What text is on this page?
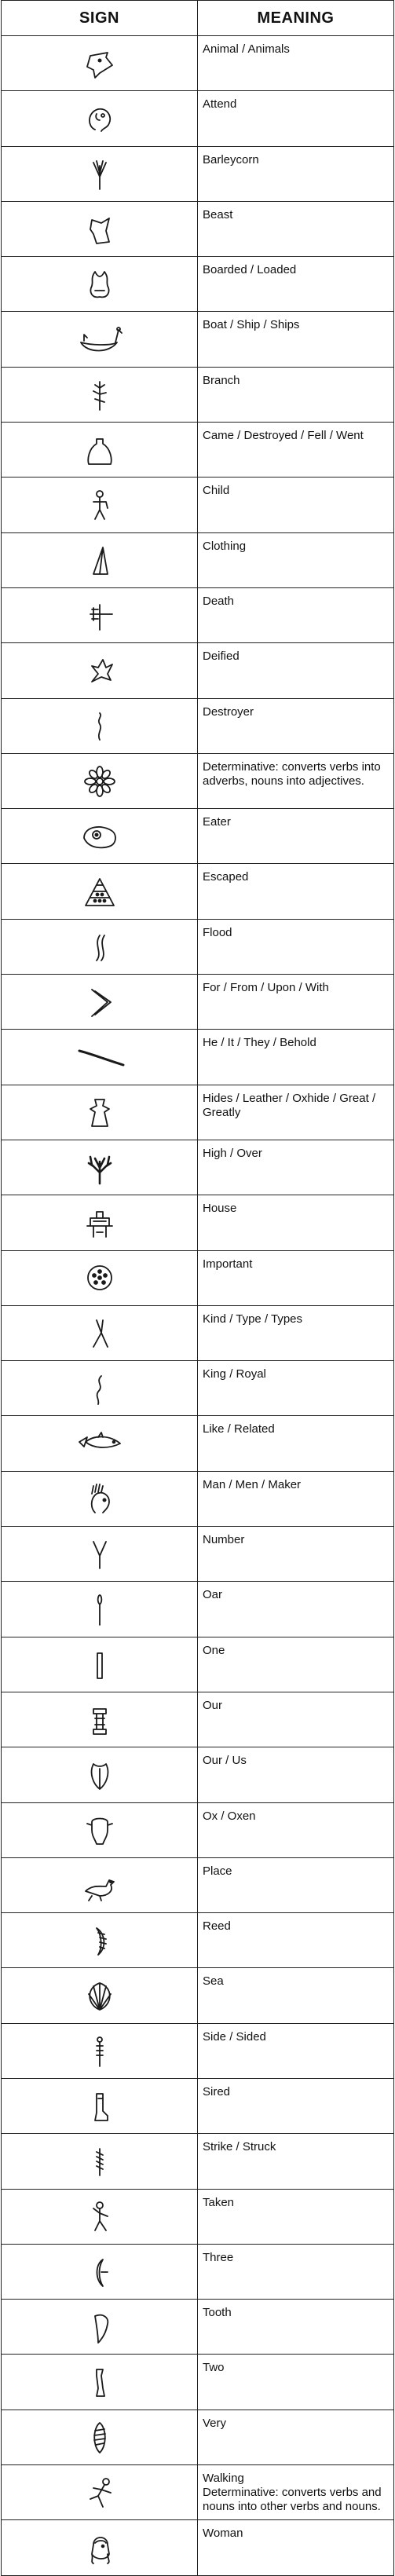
SIGN	MEANING

	Animal / Animals

	Attend

	Barleycorn

	Beast

	Boarded / Loaded

	Boat / Ship / Ships

	Branch

	Came / Destroyed / Fell / Went

	Child

	Clothing

	Death

	Deified

	Destroyer

	Determinative: converts verbs into adverbs, nouns into adjectives.

	Eater

	Escaped

	Flood

	For / From / Upon / With

	He / It / They / Behold

	Hides / Leather / Oxhide / Great / Greatly

	High / Over

	House

	Important

	Kind / Type / Types

	King / Royal

	Like / Related

	Man / Men / Maker

	Number

	Oar

	One

	Our

	Our / Us

	Ox / Oxen

	Place

	Reed

	Sea

	Side / Sided

	Sired

	Strike / Struck

	Taken

	Three

	Tooth

	Two

	Very

	Walking
Determinative: converts verbs and nouns into other verbs and nouns.

	Woman
